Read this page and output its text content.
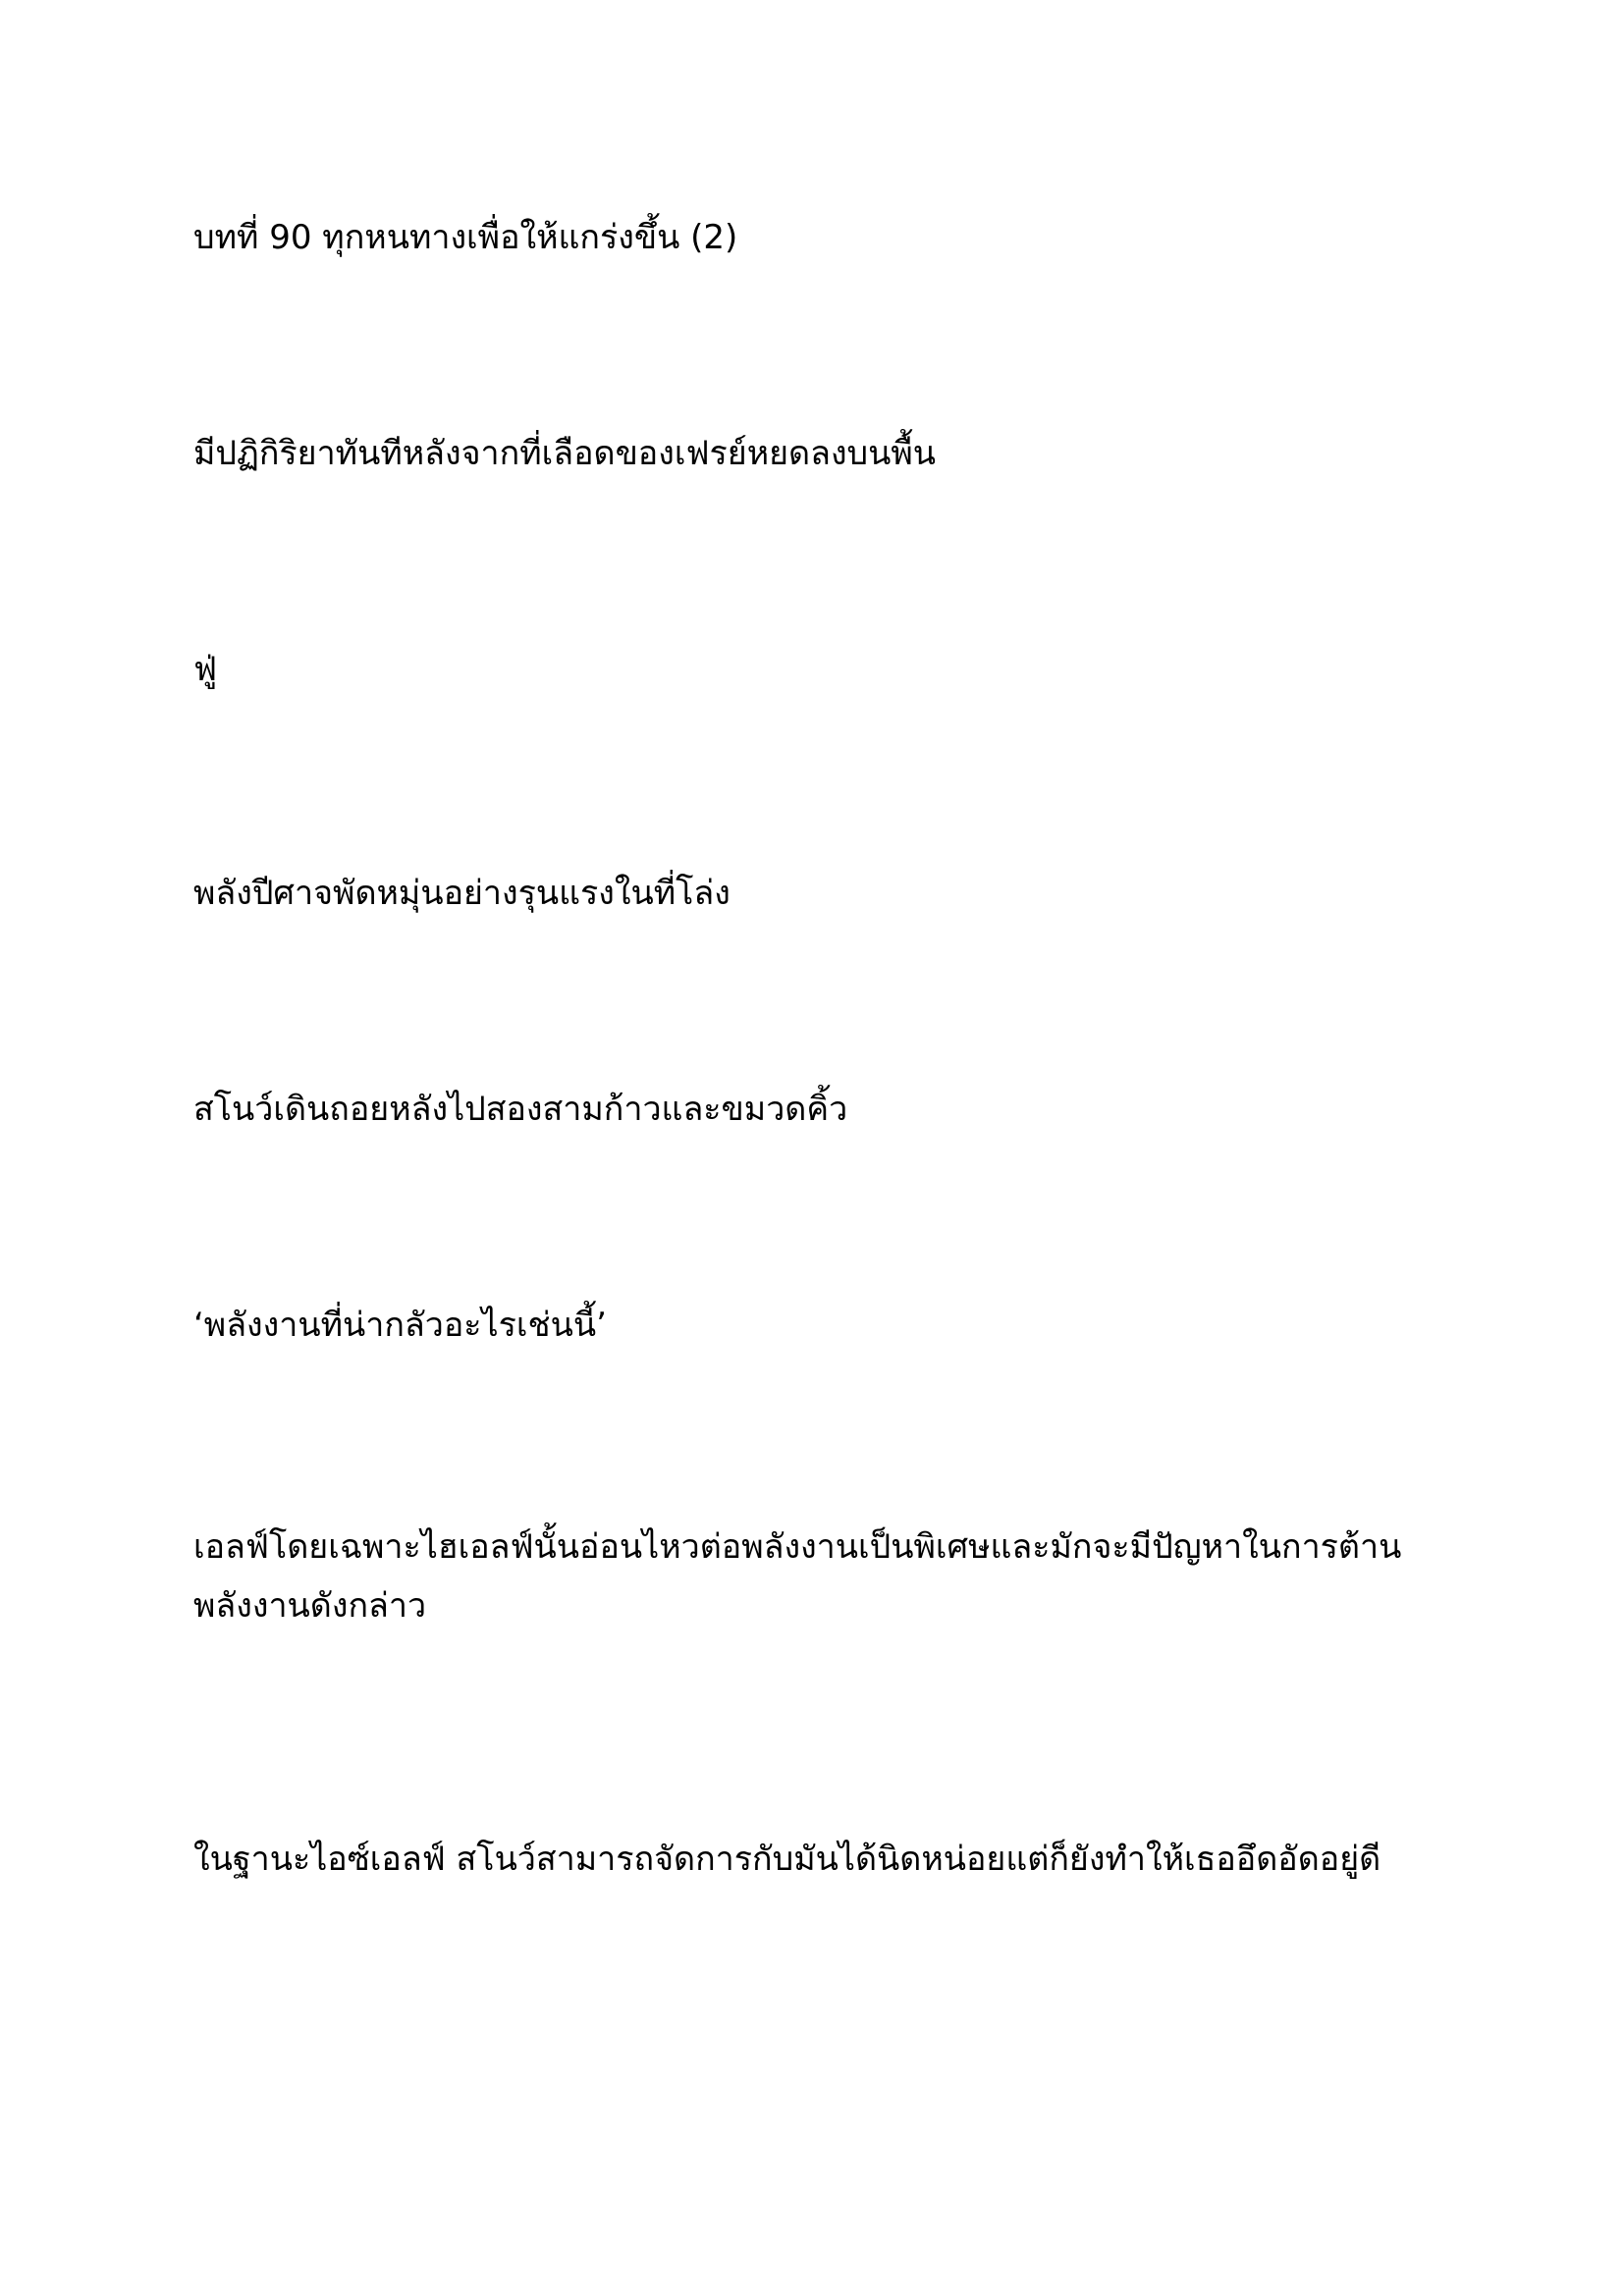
บทที่ 90 ทุกหนทางเพื่อให้แกร่งขึ้น (2)

มีปฏิกิริยาทันทีหลังจากที่เลือดของเฟรย์หยดลงบนพื้น

ฟู่

พลังปีศาจพัดหมุ่นอย่างรุนแรงในที่โล่ง

สโนว์เดินถอยหลังไปสองสามก้าวและขมวดคิ้ว

‘พลังงานที่น่ากลัวอะไรเช่นนี้’

เอลฟ์โดยเฉพาะไฮเอลฟ์นั้นอ่อนไหวต่อพลังงานเป็นพิเศษและมักจะมีปัญหาในการต้านพลังงานดังกล่าว

ในฐานะไอซ์เอลฟ์ สโนว์สามารถจัดการกับมันได้นิดหน่อยแต่ก็ยังทำให้เธออึดอัดอยู่ดี
